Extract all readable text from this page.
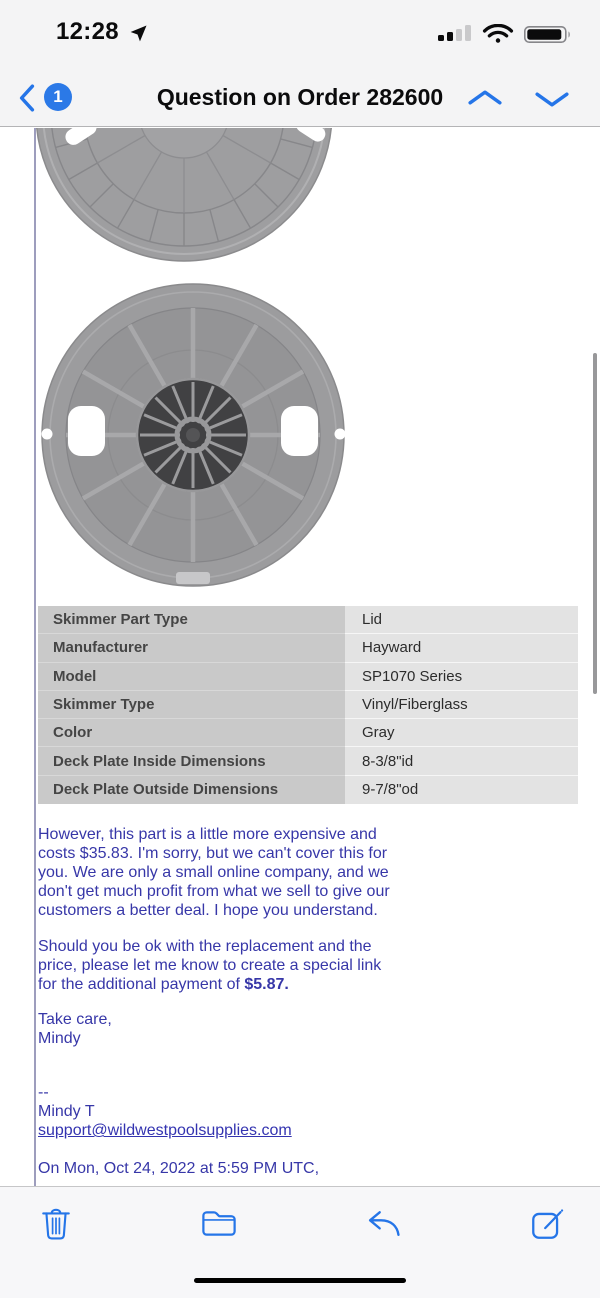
12:28
1	Question on Order 282600
Skimmer Part Type	Lid
Manufacturer	Hayward
Model	SP1070 Series
Skimmer Type	Vinyl/Fiberglass
Color	Gray
Deck Plate Inside Dimensions	8-3/8"id
Deck Plate Outside Dimensions	9-7/8"od
However, this part is a little more expensive and
costs $35.83. I'm sorry, but we can't cover this for
you. We are only a small online company, and we
don't get much profit from what we sell to give our
customers a better deal. I hope you understand.
Should you be ok with the replacement and the
price, please let me know to create a special link
for the additional payment of $5.87.
Take care,
Mindy
--
Mindy T
support@wildwestpoolsupplies.com
On Mon, Oct 24, 2022 at 5:59 PM UTC,
